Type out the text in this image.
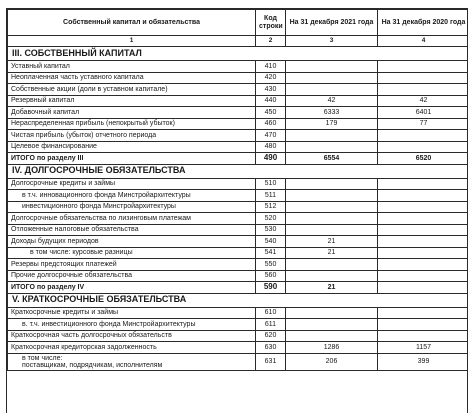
Собственный капитал и обязательства	Код строки	На 31 декабря 2021 года	На 31 декабря 2020 года
1	2	3	4
III. СОБСТВЕННЫЙ КАПИТАЛ			
Уставный капитал	410		
Неоплаченная часть уставного капитала	420		
Собственные акции (доли в уставном капитале)	430		
Резервный капитал	440	42	42
Добавочный капитал	450	6333	6401
Нераспределенная прибыль (непокрытый убыток)	460	179	77
Чистая прибыль (убыток) отчетного периода	470		
Целевое финансирование	480		
ИТОГО по разделу III	490	6554	6520
IV. ДОЛГОСРОЧНЫЕ ОБЯЗАТЕЛЬСТВА			
Долгосрочные кредиты и займы	510		
в т.ч. инновационного фонда Минстройархитектуры	511		
инвестиционного фонда Минстройархитектуры	512		
Долгосрочные обязательства по лизинговым платежам	520		
Отложенные налоговые обязательства	530		
Доходы будущих периодов	540	21	
в том числе: курсовые разницы	541	21	
Резервы предстоящих платежей	550		
Прочие долгосрочные обязательства	560		
ИТОГО по разделу IV	590	21	
V. КРАТКОСРОЧНЫЕ ОБЯЗАТЕЛЬСТВА			
Краткосрочные кредиты и займы	610		
в. т.ч. инвестиционного фонда Минстройархитектуры	611		
Краткосрочная часть долгосрочных обязательств	620		
Краткосрочная кредиторская задолженность	630	1286	1157

в том числе:
поставщикам, подрядчикам, исполнителям	631	206	399
